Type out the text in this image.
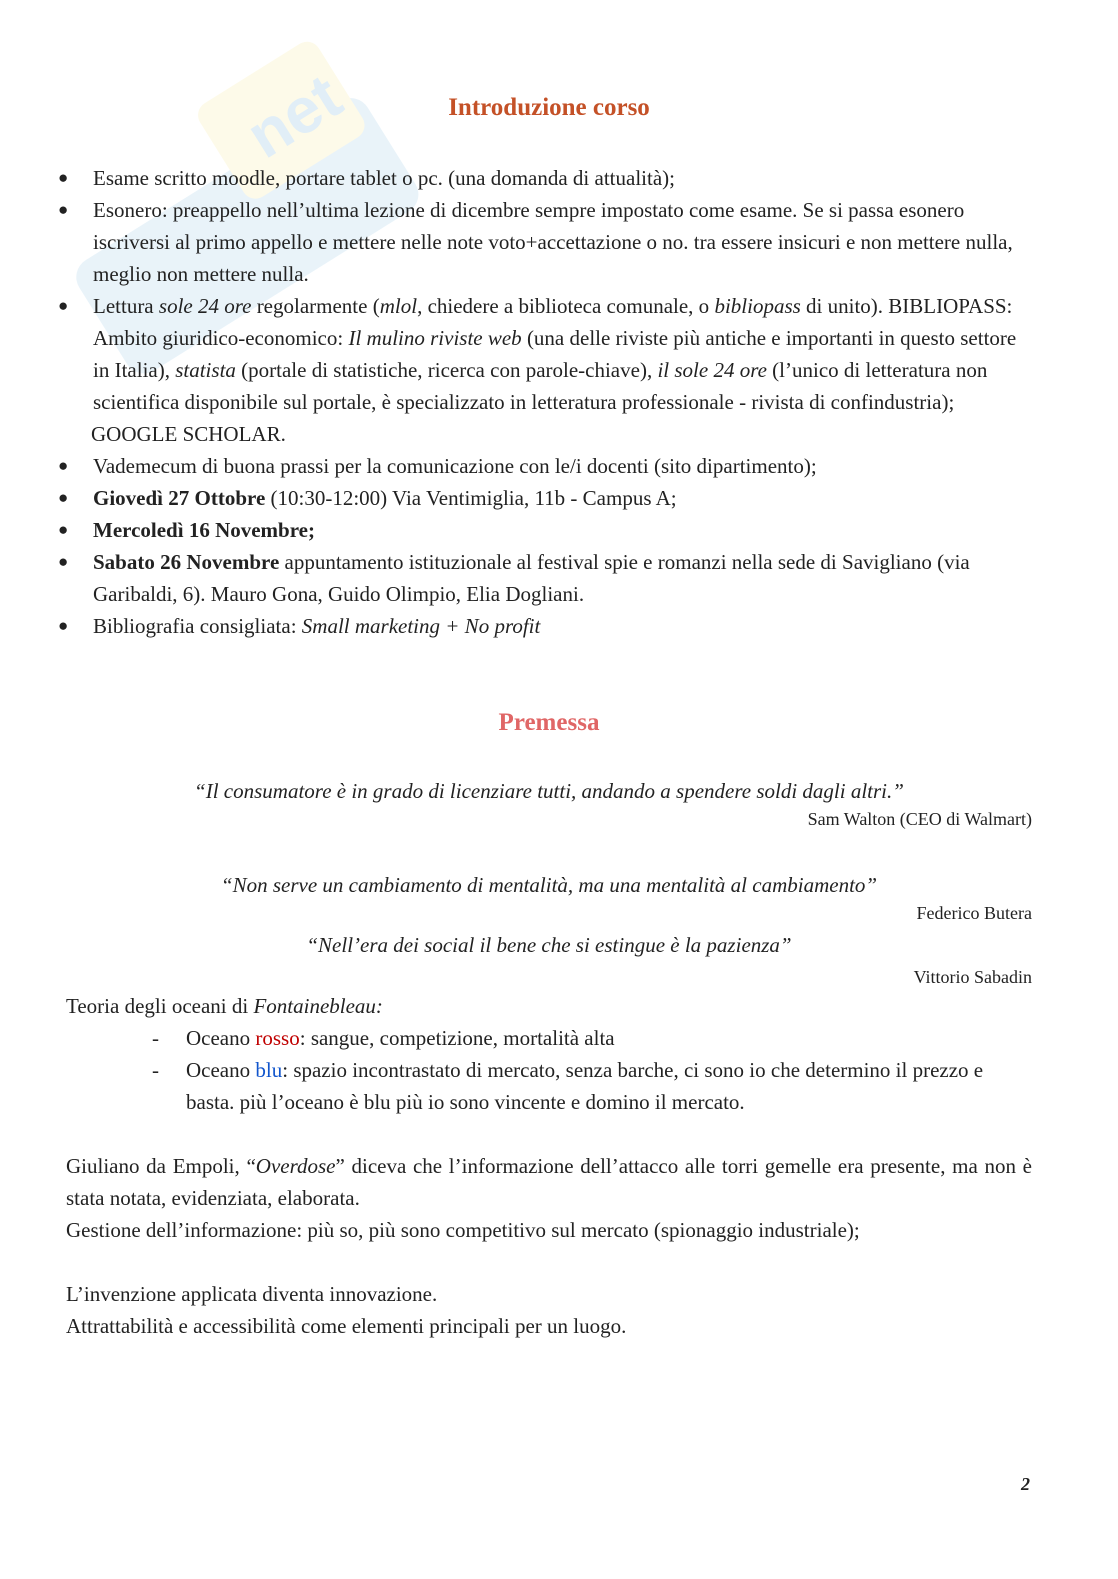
net	Introduzione corso
● Esame scritto moodle, portare tablet o pc. (una domanda di attualità);
● Esonero: preappello nell’ultima lezione di dicembre sempre impostato come esame. Se si passa esonero iscriversi al primo appello e mettere nelle note voto+accettazione o no. tra essere insicuri e non mettere nulla, meglio non mettere nulla.
● Lettura sole 24 ore regolarmente (mlol, chiedere a biblioteca comunale, o bibliopass di unito). BIBLIOPASS: Ambito giuridico-economico: Il mulino riviste web (una delle riviste più antiche e importanti in questo settore in Italia), statista (portale di statistiche, ricerca con parole-chiave), il sole 24 ore (l’unico di letteratura non scientifica disponibile sul portale, è specializzato in letteratura professionale - rivista di confindustria);
GOOGLE SCHOLAR.
● Vademecum di buona prassi per la comunicazione con le/i docenti (sito dipartimento);
● Giovedì 27 Ottobre (10:30-12:00) Via Ventimiglia, 11b - Campus A;
● Mercoledì 16 Novembre;
● Sabato 26 Novembre appuntamento istituzionale al festival spie e romanzi nella sede di Savigliano (via Garibaldi, 6). Mauro Gona, Guido Olimpio, Elia Dogliani.
● Bibliografia consigliata: Small marketing + No profit
Premessa
“Il consumatore è in grado di licenziare tutti, andando a spendere soldi dagli altri.”
Sam Walton (CEO di Walmart)
“Non serve un cambiamento di mentalità, ma una mentalità al cambiamento”
Federico Butera
“Nell’era dei social il bene che si estingue è la pazienza”
Vittorio Sabadin
Teoria degli oceani di Fontainebleau:
- Oceano rosso: sangue, competizione, mortalità alta
- Oceano blu: spazio incontrastato di mercato, senza barche, ci sono io che determino il prezzo e basta. più l’oceano è blu più io sono vincente e domino il mercato.
Giuliano da Empoli, “Overdose” diceva che l’informazione dell’attacco alle torri gemelle era presente, ma non è stata notata, evidenziata, elaborata.
Gestione dell’informazione: più so, più sono competitivo sul mercato (spionaggio industriale);
L’invenzione applicata diventa innovazione.
Attrattabilità e accessibilità come elementi principali per un luogo.
2
